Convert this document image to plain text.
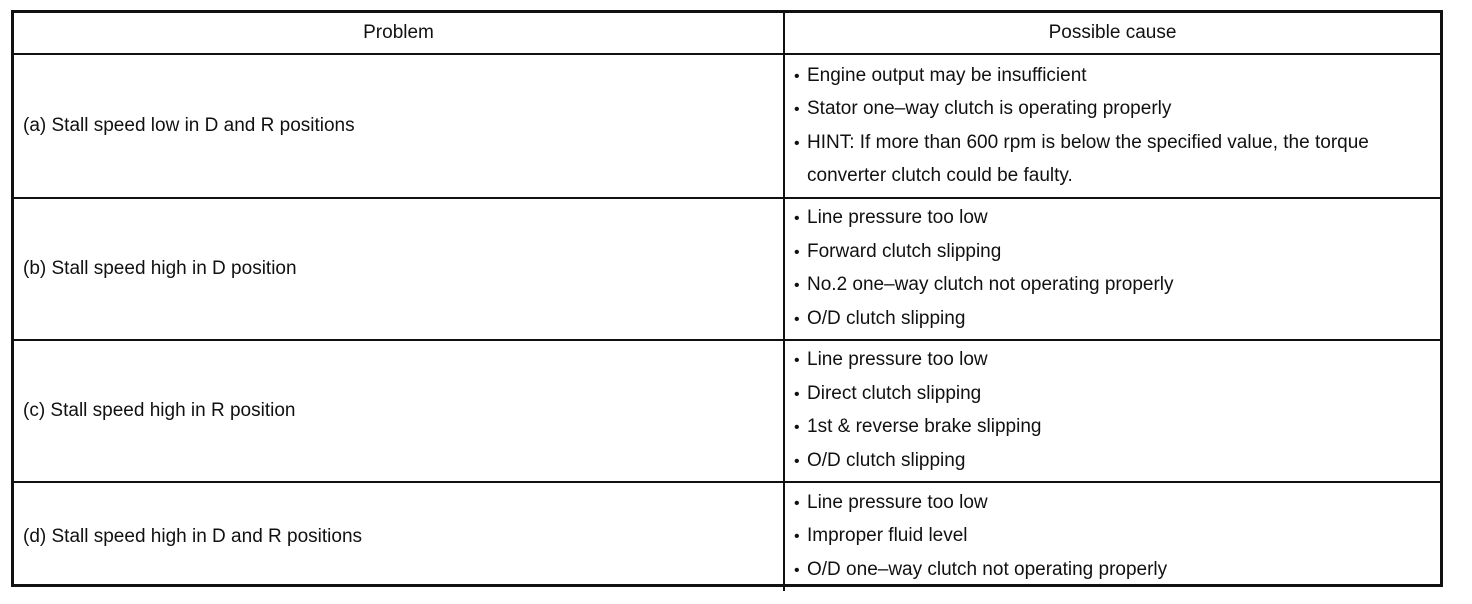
Problem	Possible cause
(a) Stall speed low in D and R positions	• Engine output may be insufficient
• Stator one–way clutch is operating properly
• HINT: If more than 600 rpm is below the specified value, the torque converter clutch could be faulty.

(b) Stall speed high in D position	• Line pressure too low
• Forward clutch slipping
• No.2 one–way clutch not operating properly
• O/D clutch slipping

(c) Stall speed high in R position	• Line pressure too low
• Direct clutch slipping
• 1st & reverse brake slipping
• O/D clutch slipping

(d) Stall speed high in D and R positions	• Line pressure too low
• Improper fluid level
• O/D one–way clutch not operating properly
